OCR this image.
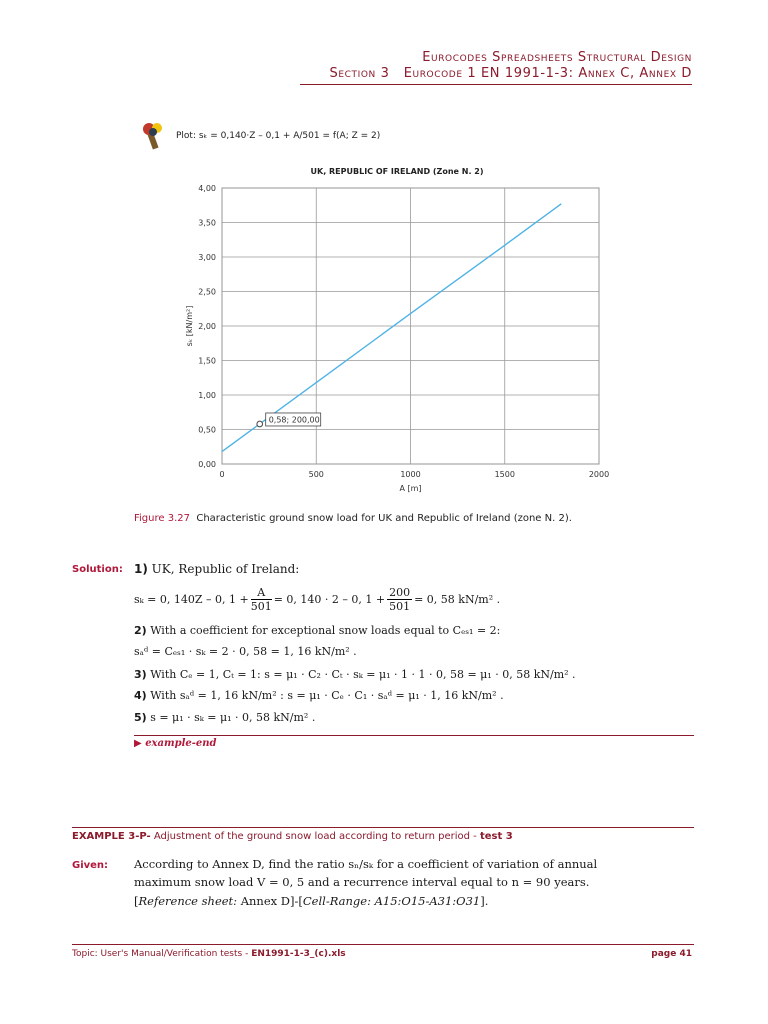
Eurocodes Spreadsheets Structural Design
Section 3 Eurocode 1 EN 1991-1-3: Annex C, Annex D
Plot: sₖ = 0,140·Z – 0,1 + A/501 = f(A; Z = 2)
UK, REPUBLIC OF IRELAND (Zone N. 2)
0,00
0,50
1,00
1,50
2,00
2,50
3,00
3,50
4,00
0	500	1000	1500	2000
0,58; 200,00
A [m]
sₖ [kN/m²]
Figure 3.27 Characteristic ground snow load for UK and Republic of Ireland (zone N. 2).
Solution: 1) UK, Republic of Ireland:
sₖ = 0, 140Z – 0, $1 + \frac{A}{501} = 0$, 140 · 2 – 0, $1 + \frac{200}{501} = 0$, 58 kN/m² .
2) With a coefficient for exceptional snow loads equal to Cₑₛ₁ = 2:
sₐᵈ = Cₑₛ₁ · sₖ = 2 · 0, 58 = 1, 16 kN/m² .
3) With Cₑ = 1, Cₜ = 1: s = μ₁ · C₂ · Cₜ · sₖ = μ₁ · 1 · 1 · 0, 58 = μ₁ · 0, 58 kN/m² .
4) With sₐᵈ = 1, 16 kN/m² : s = μ₁ · Cₑ · C₁ · sₐᵈ = μ₁ · 1, 16 kN/m² .
5) s = μ₁ · sₖ = μ₁ · 0, 58 kN/m² .
▶ example-end
EXAMPLE 3-P- Adjustment of the ground snow load according to return period - test 3
Given: According to Annex D, find the ratio sₙ/sₖ for a coefficient of variation of annual
maximum snow load V = 0, 5 and a recurrence interval equal to n = 90 years.
[Reference sheet: Annex D]-[Cell-Range: A15:O15-A31:O31].
Topic: User's Manual/Verification tests - EN1991-1-3_(c).xls	page 41
